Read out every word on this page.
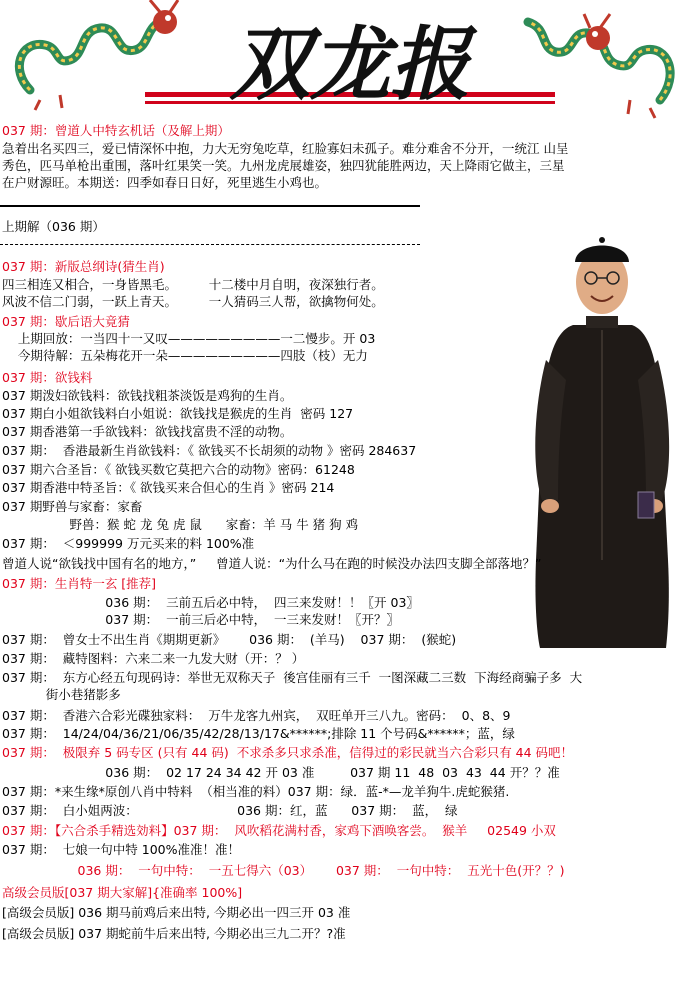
双龙报
037 期：曾道人中特玄机话（及解上期）
急着出名买四三，爱已情深怀中抱，力大无穷兔吃草，红脸寡妇未孤子。难分难舍不分开，一统江 山呈
秀色，匹马单枪出重围，落叶红果笑一笑。九州龙虎展雄姿，独四犹能胜两边，天上降雨它做主，三星
在户财源旺。本期送：四季如春日日好，死里逃生小鸡也。
上期解（036 期）
037 期：新版总纲诗(猜生肖)
四三相连又相合，一身皆黑毛。        十二楼中月自明，夜深独行者。
风波不信二门弱，一跃上青天。        一人猜码三人帮，欲擒物何处。
037 期：歇后语大竟猜
上期回放：一当四十一又叹—————————一二慢步。开 03
今期待解：五朵梅花开一朵—————————四肢（枝）无力
037 期：欲钱料
037 期泼妇欲钱料：欲钱找粗茶淡饭是鸡狗的生肖。
037 期白小姐欲钱料白小姐说：欲钱找是猴虎的生肖  密码 127
037 期香港第一手欲钱料：欲钱找富贵不淫的动物。
037 期：  香港最新生肖欲钱料：《 欲钱买不长胡须的动物 》密码 284637
037 期六合圣旨：《 欲钱买数它莫把六合的动物》密码：61248
037 期香港中特圣旨：《 欲钱买来合但心的生肖 》密码 214
037 期野兽与家畜：家畜
野兽：猴 蛇 龙 兔 虎 鼠      家畜：羊 马 牛 猪 狗 鸡
037 期：  ＜999999 万元买来的料 100%准
曾道人说“欲钱找中国有名的地方，”     曾道人说：“为什么马在跑的时候没办法四支脚全部落地？”
037 期：生肖特一玄 [推荐]
036 期：  三前五后必中特，  四三来发财！！〖开 03〗
037 期：  一前三后必中特，  一三来发财！〖开？〗
037 期：  曾女士不出生肖《期期更新》      036 期：  (羊马)    037 期：  (猴蛇)
037 期：  藏特图料：六来二来一九发大财（开：？ ）
037 期：  东方心经五句现码诗：举世无双称天子  後宫佳丽有三千  一图深藏二三数  下海经商骗子多  大
街小巷猪影多
037 期：  香港六合彩光碟独家料：  万牛龙客九州宾，  双旺单开三八九。密码：  0、8、9
037 期：  14/24/04/36/21/06/35/42/28/13/17&******;排除 11 个号码&******；蓝，绿
037 期：  极限弃 5 码专区 (只有 44 码)  不求杀多只求杀准，信得过的彩民就当六合彩只有 44 码吧！
036 期：  02 17 24 34 42 开 03 准         037 期 11  48  03  43  44 开？？准
037 期：*来生缘*原创八肖中特料  （相当准的料）037 期：绿．蓝-*—龙羊狗牛.虎蛇猴猪.
037 期：  白小姐两波：                         036 期：红，蓝      037 期：  蓝，  绿
037 期：【六合杀手精选効料】037 期：  风吹稻花满村香，家鸡下酒唤客尝。  猴羊     02549 小双
037 期：  七娘一句中特 100%准准！准！
036 期：  一句中特：  一五七得六（03）      037 期：  一句中特：  五光十色(开？？)
高级会员版[037 期大家解]{准确率 100%]
[高级会员版] 036 期马前鸡后来出特, 今期必出一四三开 03 准
[高级会员版] 037 期蛇前牛后来出特, 今期必出三九二开？?准
